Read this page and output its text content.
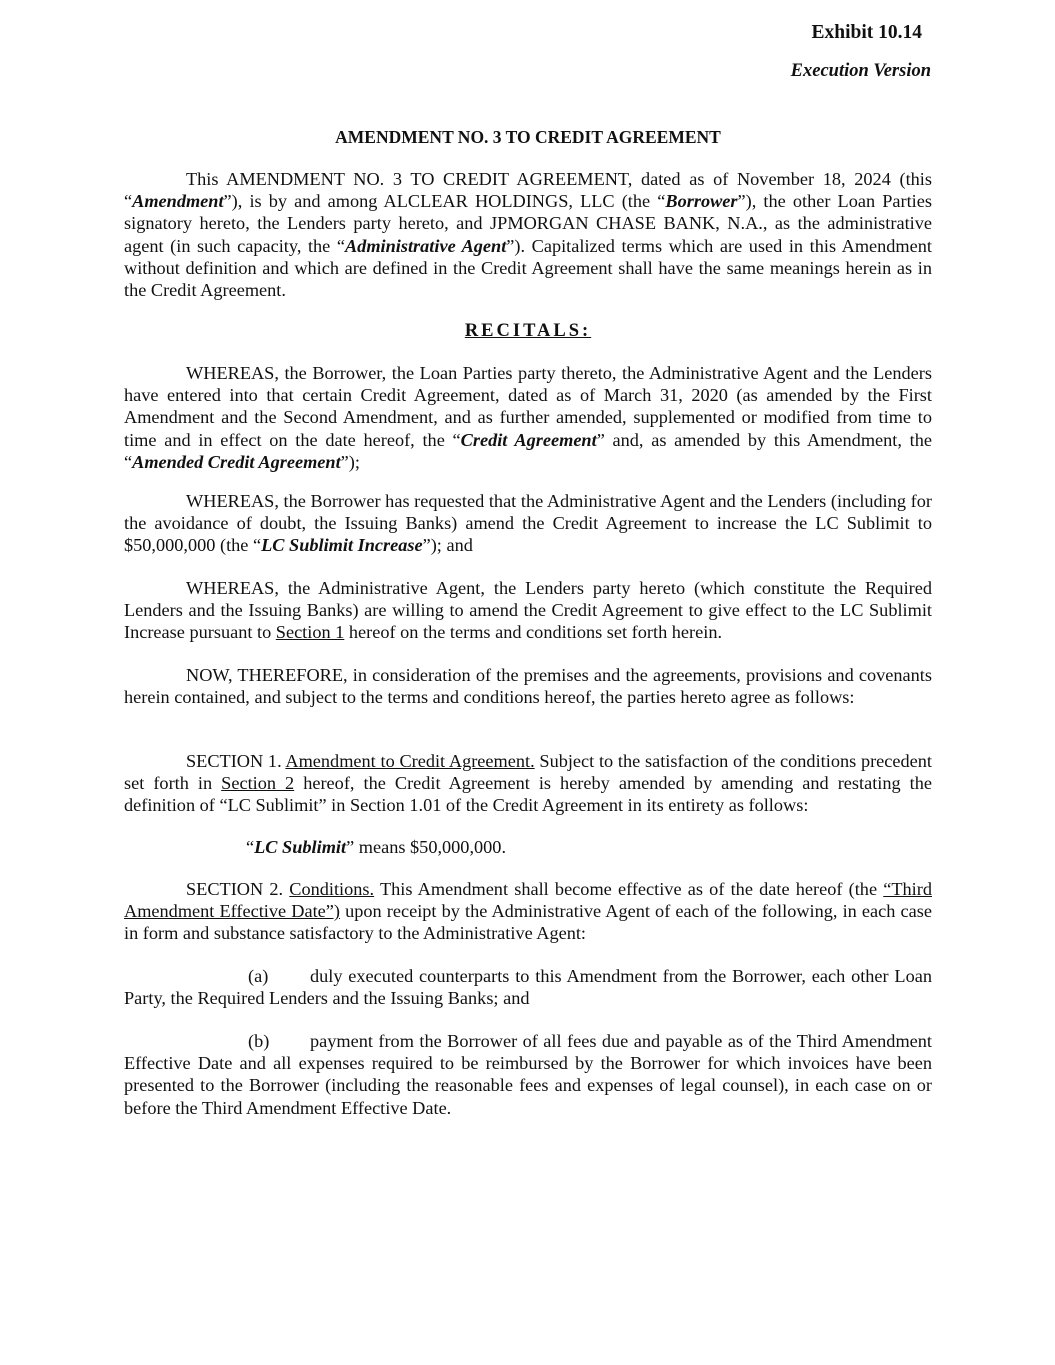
Exhibit 10.14

Execution Version

AMENDMENT NO. 3 TO CREDIT AGREEMENT

This AMENDMENT NO. 3 TO CREDIT AGREEMENT, dated as of November 18, 2024 (this “Amendment”), is by and among ALCLEAR HOLDINGS, LLC (the “Borrower”), the other Loan Parties signatory hereto, the Lenders party hereto, and JPMORGAN CHASE BANK, N.A., as the administrative agent (in such capacity, the “Administrative Agent”). Capitalized terms which are used in this Amendment without definition and which are defined in the Credit Agreement shall have the same meanings herein as in the Credit Agreement.

RECITALS:

WHEREAS, the Borrower, the Loan Parties party thereto, the Administrative Agent and the Lenders have entered into that certain Credit Agreement, dated as of March 31, 2020 (as amended by the First Amendment and the Second Amendment, and as further amended, supplemented or modified from time to time and in effect on the date hereof, the “Credit Agreement” and, as amended by this Amendment, the “Amended Credit Agreement”);

WHEREAS, the Borrower has requested that the Administrative Agent and the Lenders (including for the avoidance of doubt, the Issuing Banks) amend the Credit Agreement to increase the LC Sublimit to $50,000,000 (the “LC Sublimit Increase”); and

WHEREAS, the Administrative Agent, the Lenders party hereto (which constitute the Required Lenders and the Issuing Banks) are willing to amend the Credit Agreement to give effect to the LC Sublimit Increase pursuant to Section 1 hereof on the terms and conditions set forth herein.

NOW, THEREFORE, in consideration of the premises and the agreements, provisions and covenants herein contained, and subject to the terms and conditions hereof, the parties hereto agree as follows:

SECTION 1. Amendment to Credit Agreement. Subject to the satisfaction of the conditions precedent set forth in Section 2 hereof, the Credit Agreement is hereby amended by amending and restating the definition of “LC Sublimit” in Section 1.01 of the Credit Agreement in its entirety as follows:

“LC Sublimit” means $50,000,000.

SECTION 2. Conditions. This Amendment shall become effective as of the date hereof (the “Third Amendment Effective Date”) upon receipt by the Administrative Agent of each of the following, in each case in form and substance satisfactory to the Administrative Agent:

(a) duly executed counterparts to this Amendment from the Borrower, each other Loan Party, the Required Lenders and the Issuing Banks; and

(b) payment from the Borrower of all fees due and payable as of the Third Amendment Effective Date and all expenses required to be reimbursed by the Borrower for which invoices have been presented to the Borrower (including the reasonable fees and expenses of legal counsel), in each case on or before the Third Amendment Effective Date.
